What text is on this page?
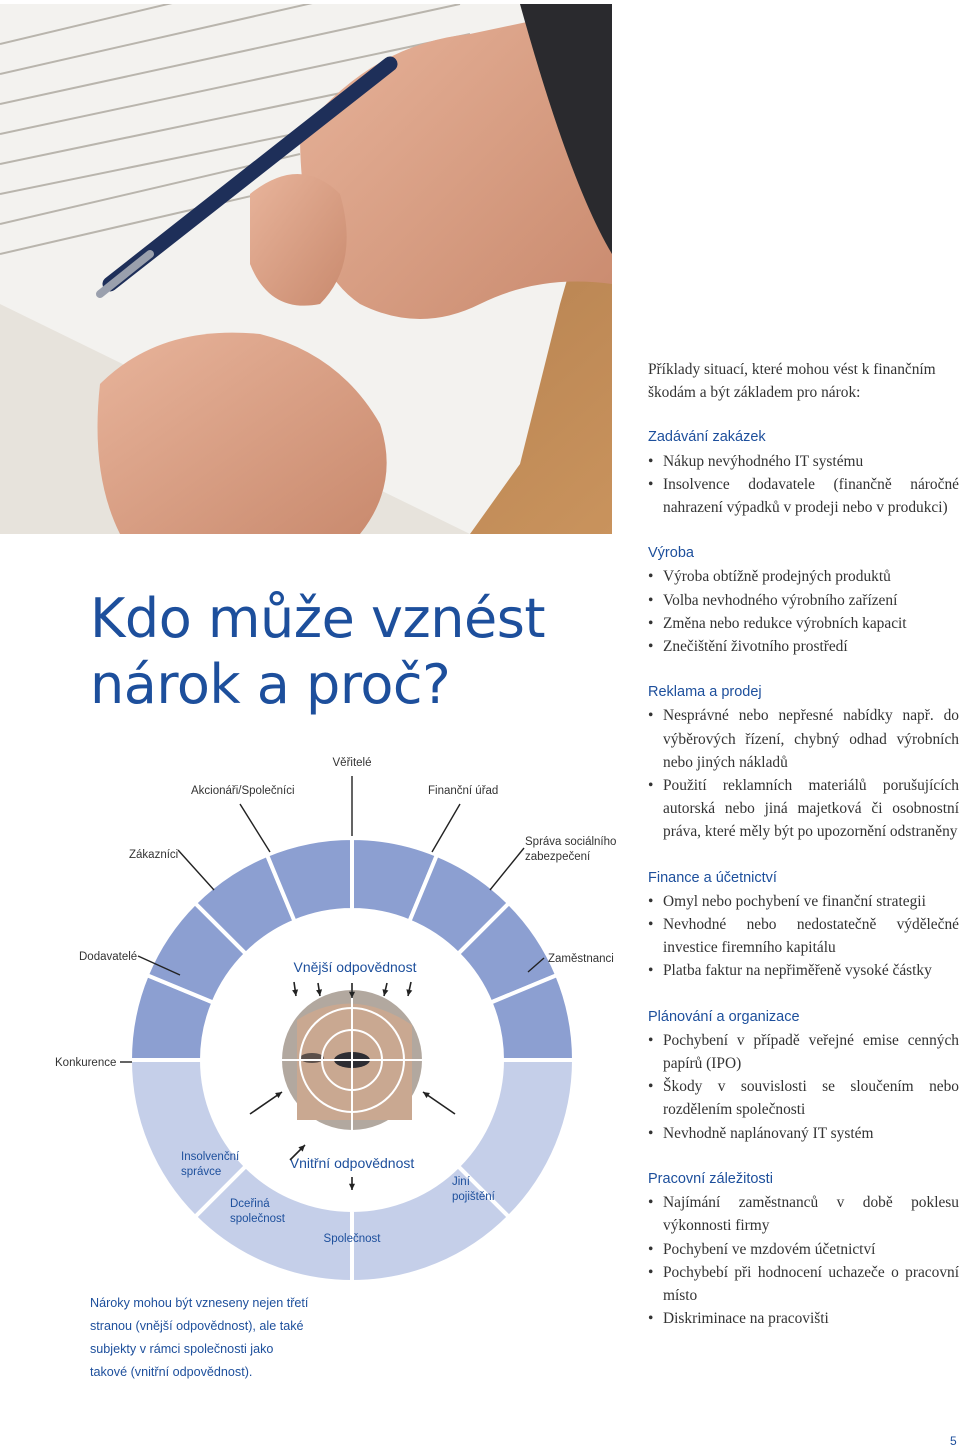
Kdo může vznést
nárok a proč?

Příklady situací, které mohou vést k finančním škodám a být základem pro nárok:

Zadávání zakázek
• Nákup nevýhodného IT systému
• Insolvence dodavatele (finančně náročné nahrazení výpadků v prodeji nebo v produkci)
Výroba
• Výroba obtížně prodejných produktů
• Volba nevhodného výrobního zařízení
• Změna nebo redukce výrobních kapacit
• Znečištění životního prostředí
Reklama a prodej
• Nesprávné nebo nepřesné nabídky např. do výběrových řízení, chybný odhad výrobních nebo jiných nákladů
• Použití reklamních materiálů porušujících autorská nebo jiná majetková či osobnostní práva, které měly být po upozornění odstraněny
Finance a účetnictví
• Omyl nebo pochybení ve finanční strategii
• Nevhodné nebo nedostatečně výdělečné investice firemního kapitálu
• Platba faktur na nepřiměřeně vysoké částky
Plánování a organizace
• Pochybení v případě veřejné emise cenných papírů (IPO)
• Škody v souvislosti se sloučením nebo rozdělením společnosti
• Nevhodně naplánovaný IT systém
Pracovní záležitosti
• Najímání zaměstnanců v době poklesu výkonnosti firmy
• Pochybení ve mzdovém účetnictví
• Pochybebí při hodnocení uchazeče o pracovní místo
• Diskriminace na pracovišti
Konkurence
Dodavatelé
Zákazníci
Akcionáři/Společníci
Věřitelé
Finanční úřad
Správa sociálního zabezpečení
Zaměstnanci
Insolvenční správce
Dceřiná společnost
Společnost
Jiní pojištění
Vnější odpovědnost
Vnitřní odpovědnost

Nároky mohou být vzneseny nejen třetí stranou (vnější odpovědnost), ale také subjekty v rámci společnosti jako takové (vnitřní odpovědnost).

5
